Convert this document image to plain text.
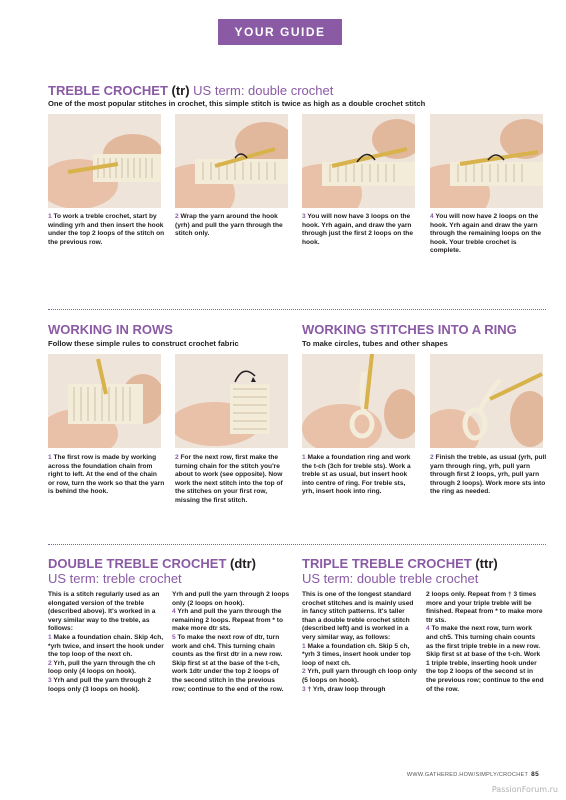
YOUR GUIDE
TREBLE CROCHET (tr) US term: double crochet
One of the most popular stitches in crochet, this simple stitch is twice as high as a double crochet stitch
1 To work a treble crochet, start by winding yrh and then insert the hook under the top 2 loops of the stitch on the previous row.
2 Wrap the yarn around the hook (yrh) and pull the yarn through the stitch only.
3 You will now have 3 loops on the hook. Yrh again, and draw the yarn through just the first 2 loops on the hook.
4 You will now have 2 loops on the hook. Yrh again and draw the yarn through the remaining loops on the hook. Your treble crochet is complete.
WORKING IN ROWS
Follow these simple rules to construct crochet fabric
1 The first row is made by working across the foundation chain from right to left. At the end of the chain or row, turn the work so that the yarn is behind the hook.
2 For the next row, first make the turning chain for the stitch you're about to work (see opposite). Now work the next stitch into the top of the stitches on your first row, missing the first stitch.
WORKING STITCHES INTO A RING
To make circles, tubes and other shapes
1 Make a foundation ring and work the t-ch (3ch for treble sts). Work a treble st as usual, but insert hook into centre of ring. For treble sts, yrh, insert hook into ring.
2 Finish the treble, as usual (yrh, pull yarn through ring, yrh, pull yarn through first 2 loops, yrh, pull yarn through 2 loops). Work more sts into the ring as needed.
DOUBLE TREBLE CROCHET (dtr)
US term: treble crochet

This is a stitch regularly used as an elongated version of the treble (described above). It's worked in a very similar way to the treble, as follows:

1 Make a foundation chain. Skip 4ch, *yrh twice, and insert the hook under the top loop of the next ch.

2 Yrh, pull the yarn through the ch loop only (4 loops on hook).

3 Yrh and pull the yarn through 2 loops only (3 loops on hook).

Yrh and pull the yarn through 2 loops only (2 loops on hook).

4 Yrh and pull the yarn through the remaining 2 loops. Repeat from * to make more dtr sts.

5 To make the next row of dtr, turn work and ch4. This turning chain counts as the first dtr in a new row. Skip first st at the base of the t-ch, work 1dtr under the top 2 loops of the second stitch in the previous row; continue to the end of the row.

TRIPLE TREBLE CROCHET (ttr)
US term: double treble crochet

This is one of the longest standard crochet stitches and is mainly used in fancy stitch patterns. It's taller than a double treble crochet stitch (described left) and is worked in a very similar way, as follows:

1 Make a foundation ch. Skip 5 ch, *yrh 3 times, insert hook under top loop of next ch.

2 Yrh, pull yarn through ch loop only (5 loops on hook).

3 † Yrh, draw loop through

2 loops only. Repeat from † 3 times more and your triple treble will be finished. Repeat from * to make more ttr sts.

4 To make the next row, turn work and ch5. This turning chain counts as the first triple treble in a new row. Skip first st at base of the t-ch. Work 1 triple treble, inserting hook under the top 2 loops of the second st in the previous row; continue to the end of the row.

WWW.GATHERED.HOW/SIMPLY/CROCHET 85
PassionForum.ru
